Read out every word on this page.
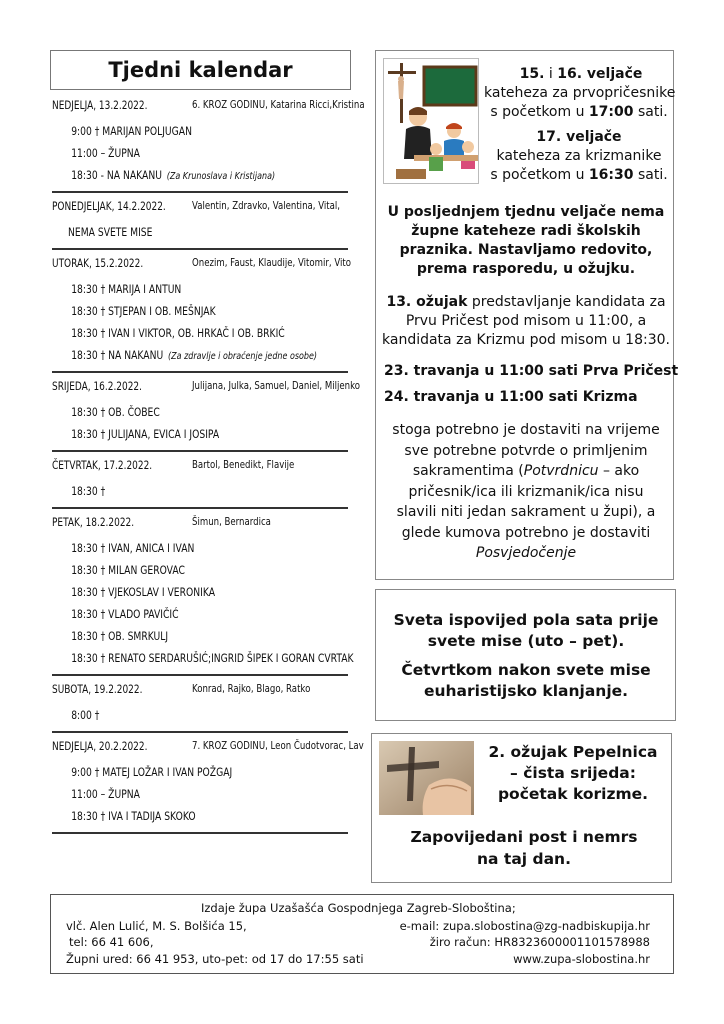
Tjedni kalendar
NEDJELJA, 13.2.2022.	6. KROZ GODINU, Katarina Ricci,Kristina
9:00 † MARIJAN POLJUGAN
11:00 – ŽUPNA
18:30 - NA NAKANU (Za Krunoslava i Kristijana)
PONEDJELJAK, 14.2.2022. Valentin, Zdravko, Valentina, Vital,
NEMA SVETE MISE
UTORAK, 15.2.2022.	Onezim, Faust, Klaudije, Vitomir, Vito
18:30 † MARIJA I ANTUN
18:30 † STJEPAN I OB. MEŠNJAK
18:30 † IVAN I VIKTOR, OB. HRKAČ I OB. BRKIĆ
18:30 † NA NAKANU (Za zdravlje i obraćenje jedne osobe)
SRIJEDA, 16.2.2022.	Julijana, Julka, Samuel, Daniel, Miljenko
18:30 † OB. ČOBEC
18:30 † JULIJANA, EVICA I JOSIPA
ČETVRTAK, 17.2.2022.	Bartol, Benedikt, Flavije
18:30 †
PETAK, 18.2.2022.	Šimun, Bernardica
18:30 † IVAN, ANICA I IVAN
18:30 † MILAN GEROVAC
18:30 † VJEKOSLAV I VERONIKA
18:30 † VLADO PAVIČIĆ
18:30 † OB. SMRKULJ
18:30 † RENATO SERDARUŠIĆ;INGRID ŠIPEK I GORAN CVRTAK
SUBOTA, 19.2.2022.	Konrad, Rajko, Blago, Ratko
8:00 †
NEDJELJA, 20.2.2022.	7. KROZ GODINU, Leon Čudotvorac, Lav
9:00 † MATEJ LOŽAR I IVAN POŽGAJ
11:00 – ŽUPNA
18:30 † IVA I TADIJA SKOKO
15. i 16. veljače
kateheza za prvopričesnike
s početkom u 17:00 sati.
17. veljače
kateheza za krizmanike
s početkom u 16:30 sati.
U posljednjem tjednu veljače nema
župne kateheze radi školskih
praznika. Nastavljamo redovito,
prema rasporedu, u ožujku.
13. ožujak predstavljanje kandidata za
Prvu Pričest pod misom u 11:00, a
kandidata za Krizmu pod misom u 18:30.
23. travanja u 11:00 sati Prva Pričest
24. travanja u 11:00 sati Krizma
stoga potrebno je dostaviti na vrijeme
sve potrebne potvrde o primljenim
sakramentima (Potvrdnicu – ako
pričesnik/ica ili krizmanik/ica nisu
slavili niti jedan sakrament u župi), a
glede kumova potrebno je dostaviti
Posvjedočenje
Sveta ispovijed pola sata prije
svete mise (uto – pet).
Četvrtkom nakon svete mise
euharistijsko klanjanje.
2. ožujak Pepelnica
– čista srijeda:
početak korizme.
Zapovijedani post i nemrs
na taj dan.
Izdaje župa Uzašašća Gospodnjega Zagreb-Sloboština;
vlč. Alen Lulić, M. S. Bolšića 15,	e-mail: zupa.slobostina@zg-nadbiskupija.hr
tel: 66 41 606,	žiro račun: HR8323600001101578988
Župni ured: 66 41 953, uto-pet: od 17 do 17:55 sati	www.zupa-slobostina.hr
